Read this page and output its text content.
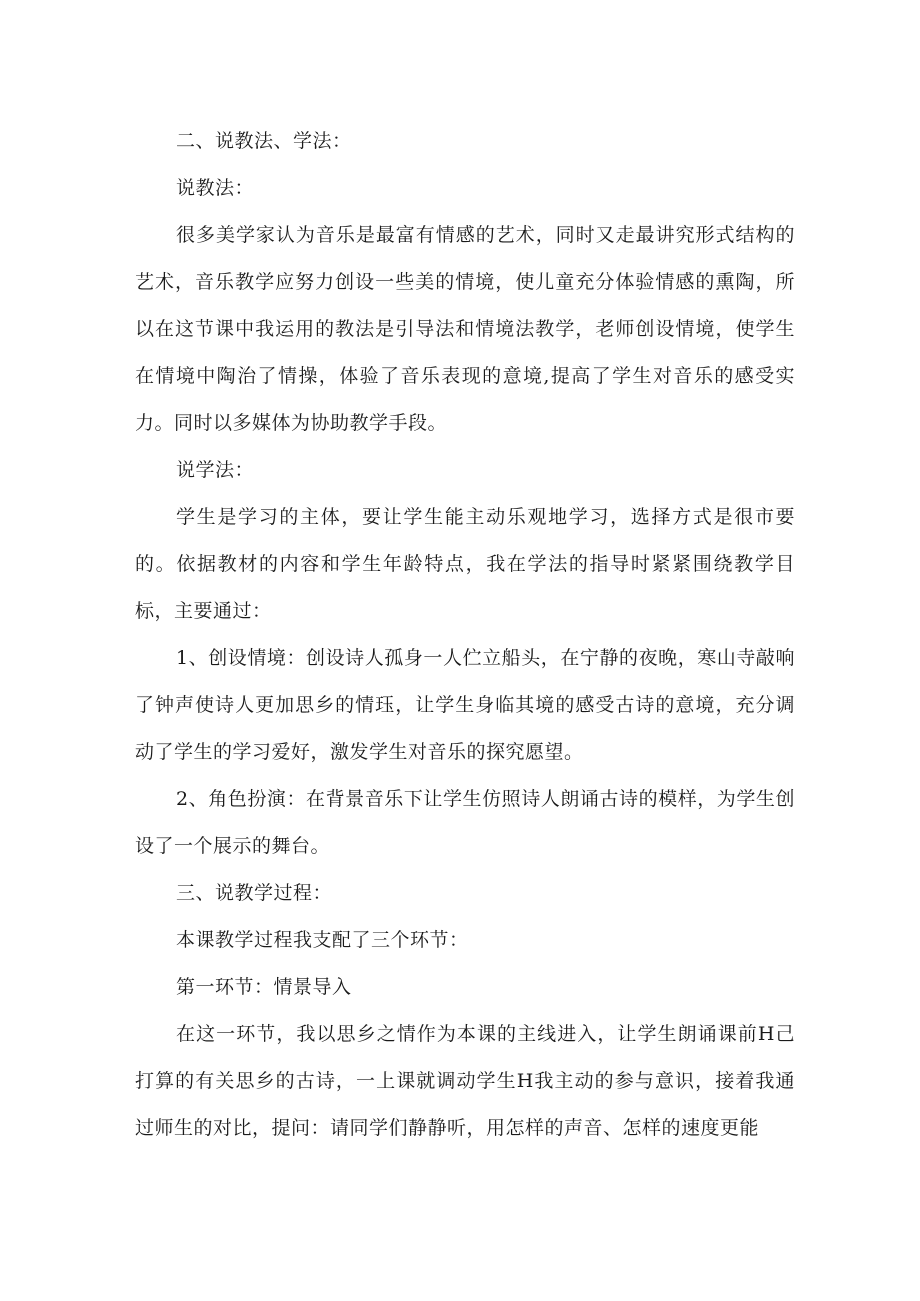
二、说教法、学法：

说教法：

很多美学家认为音乐是最富有情感的艺术，同时又走最讲究形式结构的艺术，音乐教学应努力创设一些美的情境，使儿童充分体验情感的熏陶，所以在这节课中我运用的教法是引导法和情境法教学，老师创设情境，使学生在情境中陶治了情操，体验了音乐表现的意境,提高了学生对音乐的感受实力。同时以多媒体为协助教学手段。

说学法：

学生是学习的主体，要让学生能主动乐观地学习，选择方式是很市要的。依据教材的内容和学生年龄特点，我在学法的指导时紧紧围绕教学目标，主要通过：

1、创设情境：创设诗人孤身一人伫立船头，在宁静的夜晚，寒山寺敲响了钟声使诗人更加思乡的情珏，让学生身临其境的感受古诗的意境，充分调动了学生的学习爱好，激发学生对音乐的探究愿望。

2、角色扮演：在背景音乐下让学生仿照诗人朗诵古诗的模样，为学生创设了一个展示的舞台。

三、说教学过程：

本课教学过程我支配了三个环节：

第一环节：情景导入

在这一环节，我以思乡之情作为本课的主线进入，让学生朗诵课前H己打算的有关思乡的古诗，一上课就调动学生H我主动的参与意识，接着我通过师生的对比，提问：请同学们静静听，用怎样的声音、怎样的速度更能
